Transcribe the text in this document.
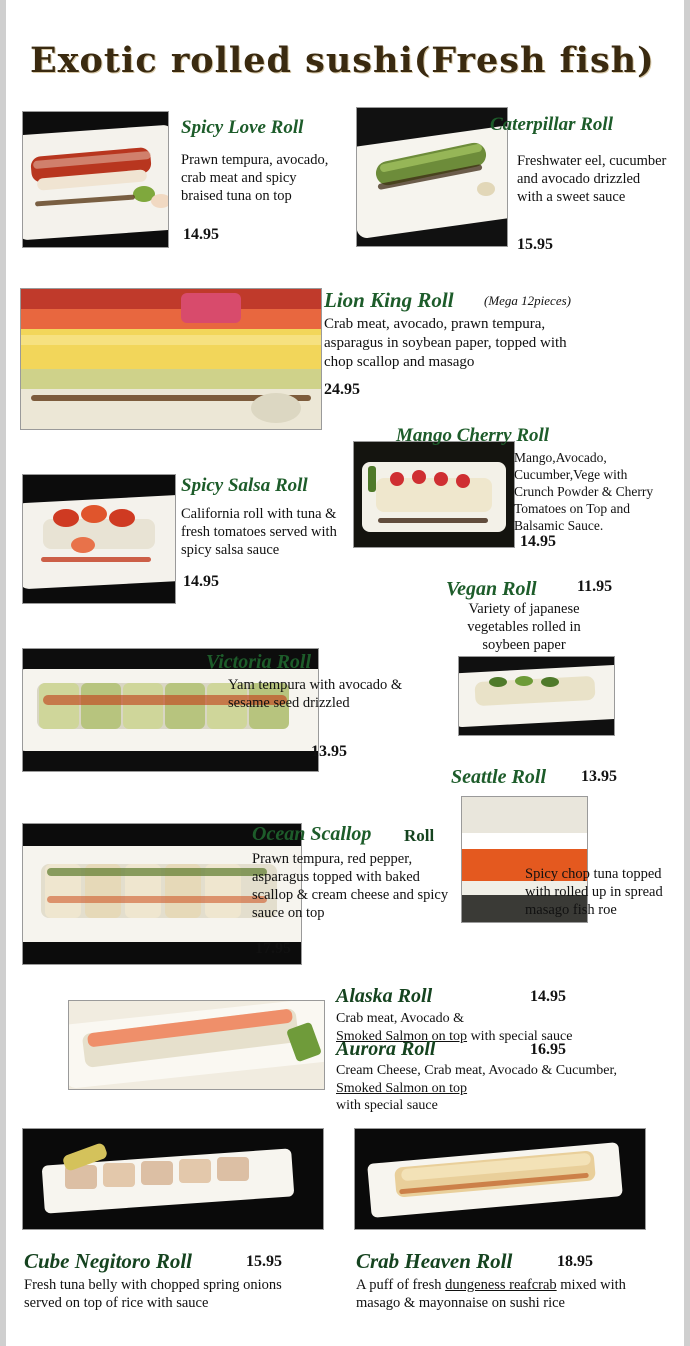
Exotic rolled sushi(Fresh fish)
Spicy Love Roll
Prawn tempura, avocado, crab meat and spicy braised tuna on top
14.95
Caterpillar Roll
Freshwater eel, cucumber and avocado drizzled with a sweet sauce
15.95
Lion King Roll (Mega 12pieces)
Crab meat, avocado, prawn tempura, asparagus in soybean paper, topped with chop scallop and masago
24.95
Mango Cherry Roll
Mango,Avocado, Cucumber,Vege with Crunch Powder & Cherry Tomatoes on Top and Balsamic Sauce.
14.95
Spicy Salsa Roll
California roll with tuna & fresh tomatoes served with spicy salsa sauce
14.95	Vegan Roll	11.95
Variety of japanese vegetables rolled in soybeen paper
Victoria Roll
Yam tempura with avocado & sesame seed drizzled
13.95
Seattle Roll 13.95
Spicy chop tuna topped with rolled up in spread masago fish roe
Ocean Scallop Roll
Prawn tempura, red pepper, asparagus topped with baked scallop & cream cheese and spicy sauce on top
17.95
Alaska Roll	14.95
Crab meat, Avocado &
Smoked Salmon on top with special sauce
Aurora Roll	16.95
Cream Cheese, Crab meat, Avocado & Cucumber, Smoked Salmon on top
with special sauce
Cube Negitoro Roll	15.95
Fresh tuna belly with chopped spring onions served on top of rice with sauce
Crab Heaven Roll	18.95
A puff of fresh dungeness reafcrab mixed with masago & mayonnaise on sushi rice
